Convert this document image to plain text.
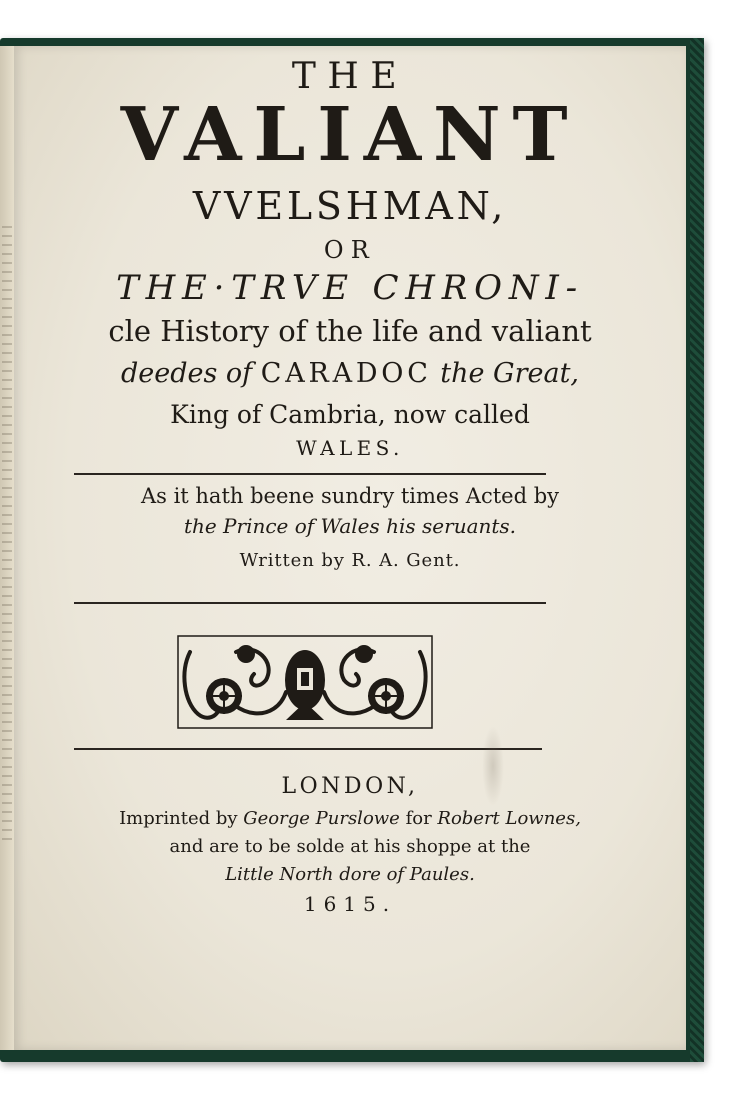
THE
VALIANT
VVELSHMAN,
OR
THE·TRVE CHRONI-
cle History of the life and valiant
deedes of CARADOC the Great,
King of Cambria, now called
WALES.
As it hath beene sundry times Acted by
the Prince of Wales his seruants.
Written by R. A. Gent.
LONDON,
Imprinted by George Purslowe for Robert Lownes,
and are to be solde at his shoppe at the
Little North dore of Paules.
1615.
